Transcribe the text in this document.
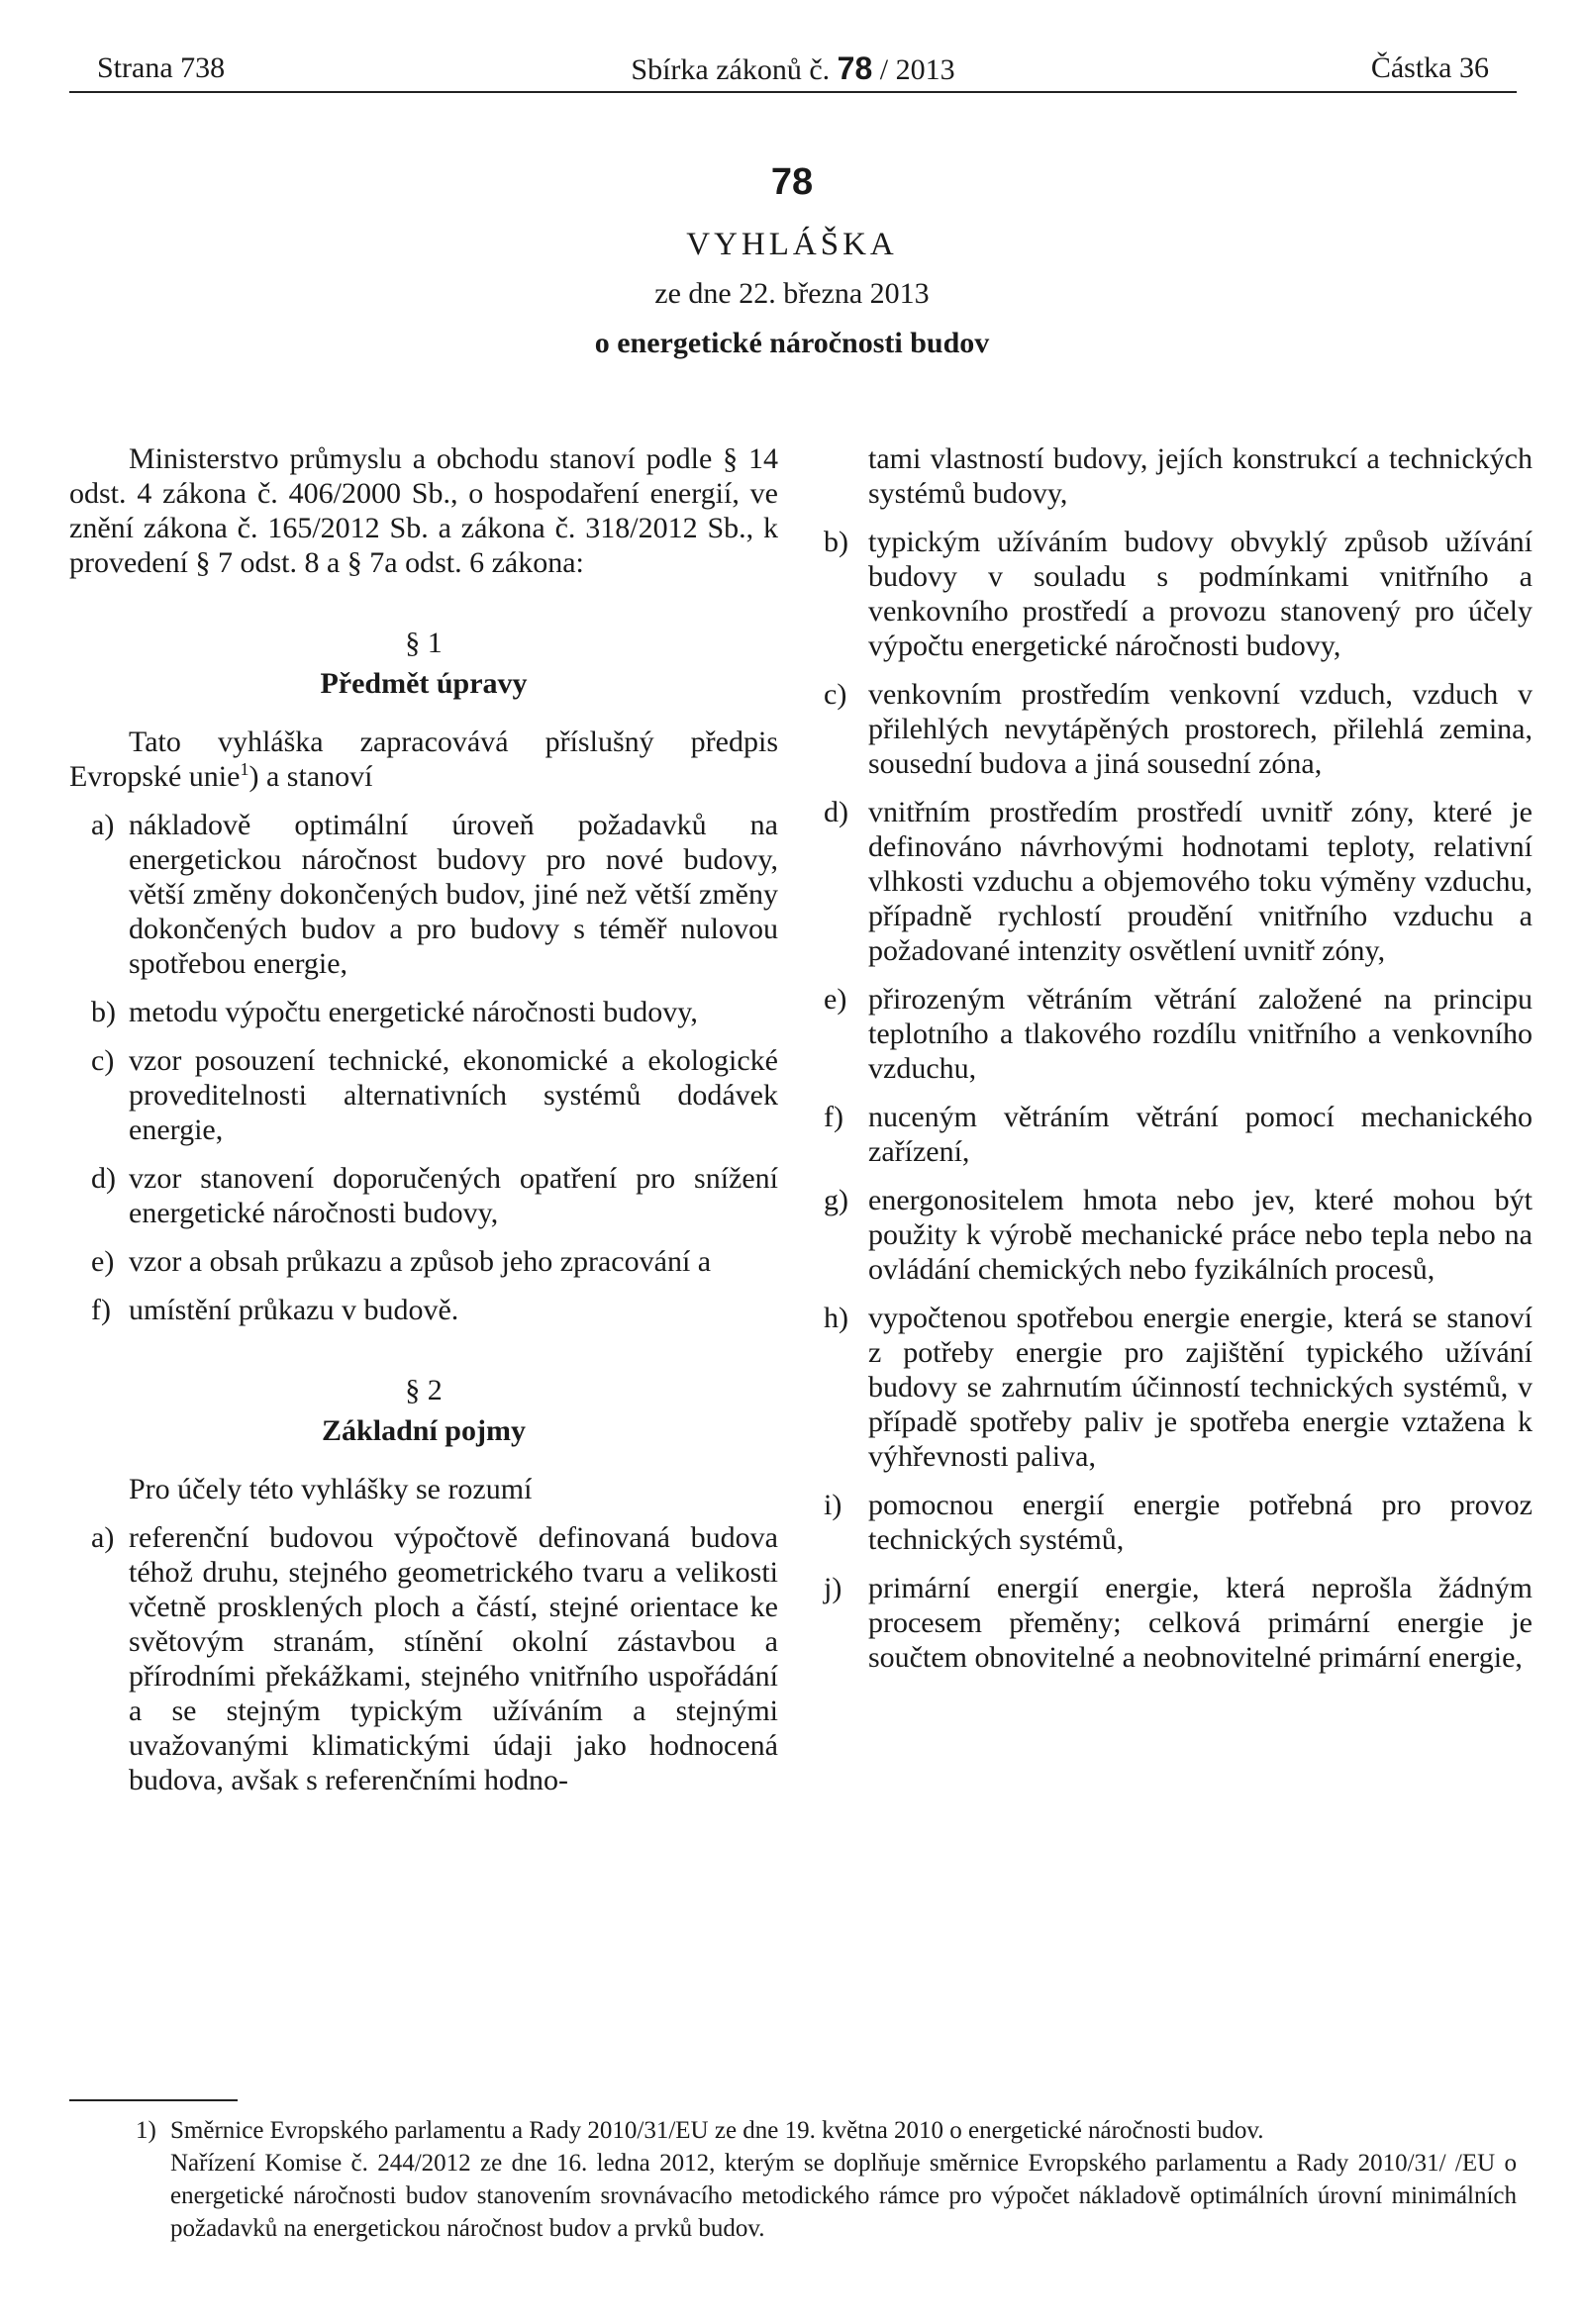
Strana 738	Sbírka zákonů č. 78 / 2013	Částka 36
78
VYHLÁŠKA
ze dne 22. března 2013
o energetické náročnosti budov

Ministerstvo průmyslu a obchodu stanoví podle § 14 odst. 4 zákona č. 406/2000 Sb., o hospodaření energií, ve znění zákona č. 165/2012 Sb. a zákona č. 318/2012 Sb., k provedení § 7 odst. 8 a § 7a odst. 6 zákona:

§ 1
Předmět úpravy

Tato vyhláška zapracovává příslušný předpis Evropské unie$^1$) a stanoví

a) nákladově optimální úroveň požadavků na energetickou náročnost budovy pro nové budovy, větší změny dokončených budov, jiné než větší změny dokončených budov a pro budovy s téměř nulovou spotřebou energie,
b) metodu výpočtu energetické náročnosti budovy,
c) vzor posouzení technické, ekonomické a ekologické proveditelnosti alternativních systémů dodávek energie,
d) vzor stanovení doporučených opatření pro snížení energetické náročnosti budovy,
e) vzor a obsah průkazu a způsob jeho zpracování a
f) umístění průkazu v budově.
§ 2
Základní pojmy

Pro účely této vyhlášky se rozumí

a) referenční budovou výpočtově definovaná budova téhož druhu, stejného geometrického tvaru a velikosti včetně prosklených ploch a částí, stejné orientace ke světovým stranám, stínění okolní zástavbou a přírodními překážkami, stejného vnitřního uspořádání a se stejným typickým užíváním a stejnými uvažovanými klimatickými údaji jako hodnocená budova, avšak s referenčními hodno-

tami vlastností budovy, jejích konstrukcí a technických systémů budovy,

b) typickým užíváním budovy obvyklý způsob užívání budovy v souladu s podmínkami vnitřního a venkovního prostředí a provozu stanovený pro účely výpočtu energetické náročnosti budovy,
c) venkovním prostředím venkovní vzduch, vzduch v přilehlých nevytápěných prostorech, přilehlá zemina, sousední budova a jiná sousední zóna,
d) vnitřním prostředím prostředí uvnitř zóny, které je definováno návrhovými hodnotami teploty, relativní vlhkosti vzduchu a objemového toku výměny vzduchu, případně rychlostí proudění vnitřního vzduchu a požadované intenzity osvětlení uvnitř zóny,
e) přirozeným větráním větrání založené na principu teplotního a tlakového rozdílu vnitřního a venkovního vzduchu,
f) nuceným větráním větrání pomocí mechanického zařízení,
g) energonositelem hmota nebo jev, které mohou být použity k výrobě mechanické práce nebo tepla nebo na ovládání chemických nebo fyzikálních procesů,
h) vypočtenou spotřebou energie energie, která se stanoví z potřeby energie pro zajištění typického užívání budovy se zahrnutím účinností technických systémů, v případě spotřeby paliv je spotřeba energie vztažena k výhřevnosti paliva,
i) pomocnou energií energie potřebná pro provoz technických systémů,
j) primární energií energie, která neprošla žádným procesem přeměny; celková primární energie je součtem obnovitelné a neobnovitelné primární energie,
1) Směrnice Evropského parlamentu a Rady 2010/31/EU ze dne 19. května 2010 o energetické náročnosti budov.

Nařízení Komise č. 244/2012 ze dne 16. ledna 2012, kterým se doplňuje směrnice Evropského parlamentu a Rady 2010/31/ /EU o energetické náročnosti budov stanovením srovnávacího metodického rámce pro výpočet nákladově optimálních úrovní minimálních požadavků na energetickou náročnost budov a prvků budov.
